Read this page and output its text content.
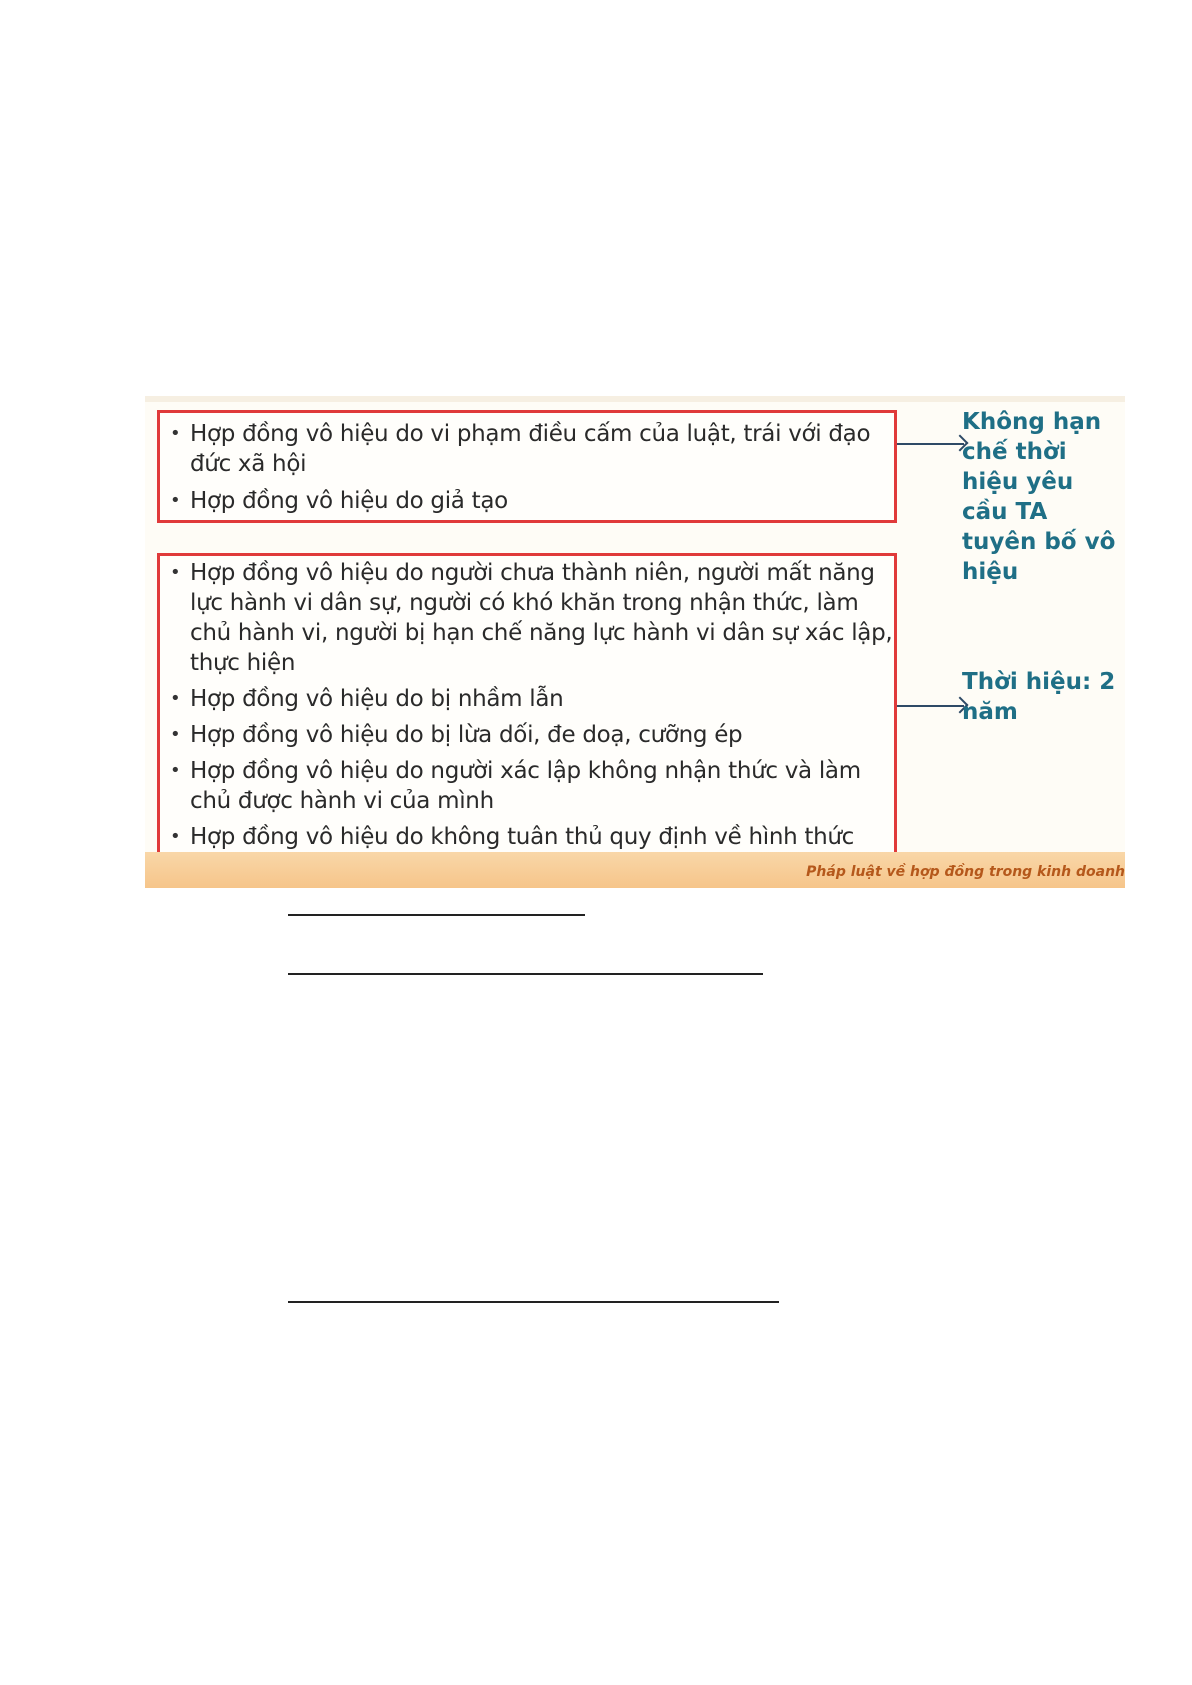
• Hợp đồng vô hiệu do vi phạm điều cấm của luật, trái với đạo đức xã hội
• Hợp đồng vô hiệu do giả tạo
Không hạn chế thời hiệu yêu cầu TA tuyên bố vô hiệu
• Hợp đồng vô hiệu do người chưa thành niên, người mất năng lực hành vi dân sự, người có khó khăn trong nhận thức, làm chủ hành vi, người bị hạn chế năng lực hành vi dân sự xác lập, thực hiện
• Hợp đồng vô hiệu do bị nhầm lẫn
• Hợp đồng vô hiệu do bị lừa dối, đe doạ, cưỡng ép
• Hợp đồng vô hiệu do người xác lập không nhận thức và làm chủ được hành vi của mình
• Hợp đồng vô hiệu do không tuân thủ quy định về hình thức
Thời hiệu: 2 năm
Pháp luật về hợp đồng trong kinh doanh
